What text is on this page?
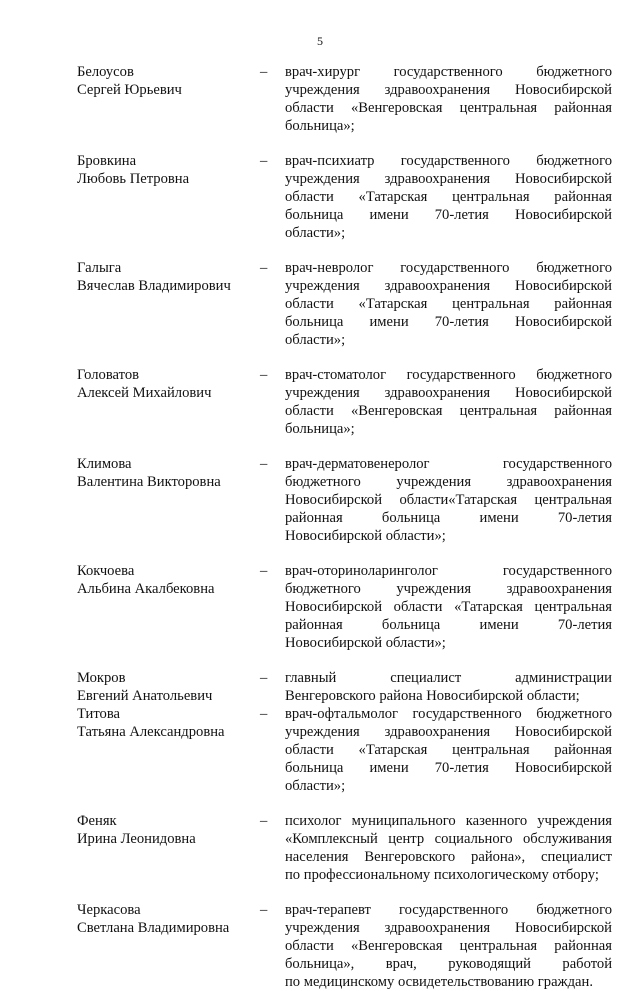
5
Белоусов
Сергей Юрьевич
– врач-хирург государственного бюджетного
учреждения здравоохранения Новосибирской
области «Венгеровская центральная районная
больница»;
Бровкина
Любовь Петровна
– врач-психиатр государственного бюджетного
учреждения здравоохранения Новосибирской
области «Татарская центральная районная
больница имени 70-летия Новосибирской
области»;
Галыга
Вячеслав Владимирович
– врач-невролог государственного бюджетного
учреждения здравоохранения Новосибирской
области «Татарская центральная районная
больница имени 70-летия Новосибирской
области»;
Головатов
Алексей Михайлович
– врач-стоматолог государственного бюджетного
учреждения здравоохранения Новосибирской
области «Венгеровская центральная районная
больница»;
Климова
Валентина Викторовна
– врач-дерматовенеролог государственного
бюджетного учреждения здравоохранения
Новосибирской области«Татарская центральная
районная больница имени 70-летия
Новосибирской области»;
Кокчоева
Альбина Акалбековна
– врач-оториноларинголог государственного
бюджетного учреждения здравоохранения
Новосибирской области «Татарская центральная
районная больница имени 70-летия
Новосибирской области»;
Мокров
Евгений Анатольевич
– главный специалист администрации
Венгеровского района Новосибирской области;
Титова
Татьяна Александровна
– врач-офтальмолог государственного бюджетного
учреждения здравоохранения Новосибирской
области «Татарская центральная районная
больница имени 70-летия Новосибирской
области»;
Феняк
Ирина Леонидовна
– психолог муниципального казенного учреждения
«Комплексный центр социального обслуживания
населения Венгеровского района», специалист
по профессиональному психологическому отбору;
Черкасова
Светлана Владимировна
– врач-терапевт государственного бюджетного
учреждения здравоохранения Новосибирской
области «Венгеровская центральная районная
больница», врач, руководящий работой
по медицинскому освидетельствованию граждан.
